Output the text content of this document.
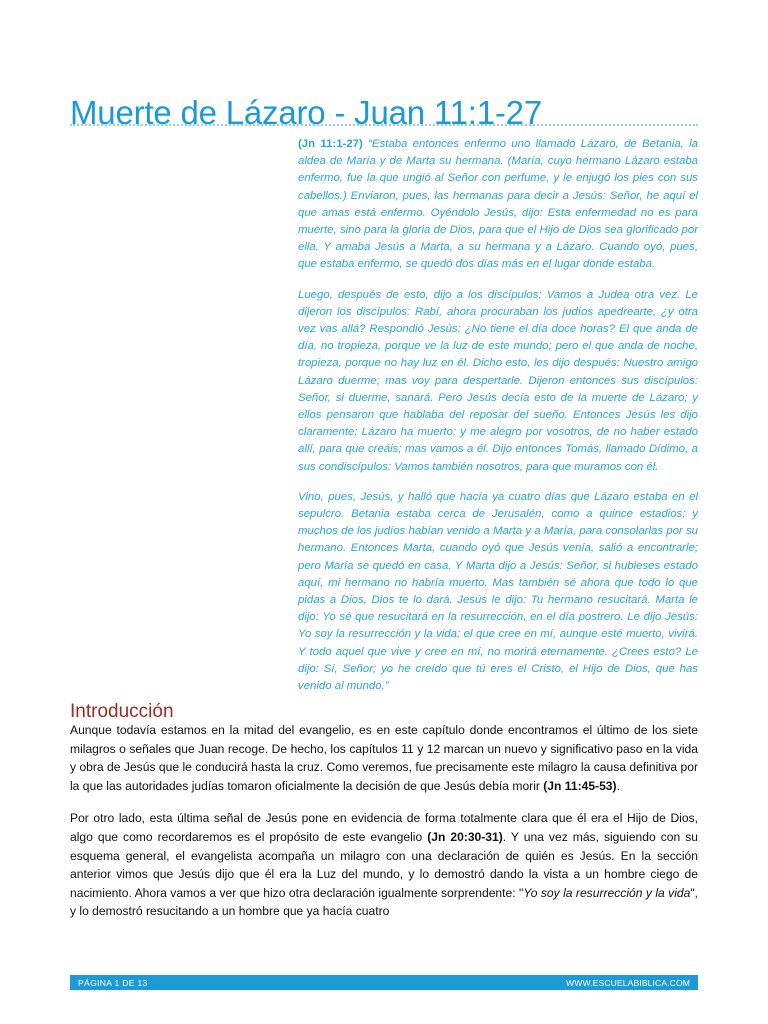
Muerte de Lázaro - Juan 11:1-27

(Jn 11:1-27) “Estaba entonces enfermo uno llamado Lázaro, de Betania, la aldea de María y de Marta su hermana. (María, cuyo hermano Lázaro estaba enfermo, fue la que ungió al Señor con perfume, y le enjugó los pies con sus cabellos.) Enviaron, pues, las hermanas para decir a Jesús: Señor, he aquí el que amas está enfermo. Oyéndolo Jesús, dijo: Esta enfermedad no es para muerte, sino para la gloria de Dios, para que el Hijo de Dios sea glorificado por ella. Y amaba Jesús a Marta, a su hermana y a Lázaro. Cuando oyó, pues, que estaba enfermo, se quedó dos días más en el lugar donde estaba.

Luego, después de esto, dijo a los discípulos: Vamos a Judea otra vez. Le dijeron los discípulos: Rabí, ahora procuraban los judíos apedrearte, ¿y otra vez vas allá? Respondió Jesús: ¿No tiene el día doce horas? El que anda de día, no tropieza, porque ve la luz de este mundo; pero el que anda de noche, tropieza, porque no hay luz en él. Dicho esto, les dijo después: Nuestro amigo Lázaro duerme; mas voy para despertarle. Dijeron entonces sus discípulos: Señor, si duerme, sanará. Pero Jesús decía esto de la muerte de Lázaro; y ellos pensaron que hablaba del reposar del sueño. Entonces Jesús les dijo claramente: Lázaro ha muerto; y me alegro por vosotros, de no haber estado allí, para que creáis; mas vamos a él. Dijo entonces Tomás, llamado Dídimo, a sus condiscípulos: Vamos también nosotros, para que muramos con él.

Vino, pues, Jesús, y halló que hacía ya cuatro días que Lázaro estaba en el sepulcro. Betania estaba cerca de Jerusalén, como a quince estadios; y muchos de los judíos habían venido a Marta y a María, para consolarlas por su hermano. Entonces Marta, cuando oyó que Jesús venía, salió a encontrarle; pero María se quedó en casa. Y Marta dijo a Jesús: Señor, si hubieses estado aquí, mi hermano no habría muerto. Mas también sé ahora que todo lo que pidas a Dios, Dios te lo dará. Jesús le dijo: Tu hermano resucitará. Marta le dijo: Yo sé que resucitará en la resurrección, en el día postrero. Le dijo Jesús: Yo soy la resurrección y la vida; el que cree en mí, aunque esté muerto, vivirá. Y todo aquel que vive y cree en mí, no morirá eternamente. ¿Crees esto? Le dijo: Sí, Señor; yo he creído que tú eres el Cristo, el Hijo de Dios, que has venido al mundo.”

Introducción

Aunque todavía estamos en la mitad del evangelio, es en este capítulo donde encontramos el último de los siete milagros o señales que Juan recoge. De hecho, los capítulos 11 y 12 marcan un nuevo y significativo paso en la vida y obra de Jesús que le conducirá hasta la cruz. Como veremos, fue precisamente este milagro la causa definitiva por la que las autoridades judías tomaron oficialmente la decisión de que Jesús debía morir (Jn 11:45-53).

Por otro lado, esta última señal de Jesús pone en evidencia de forma totalmente clara que él era el Hijo de Dios, algo que como recordaremos es el propósito de este evangelio (Jn 20:30-31). Y una vez más, siguiendo con su esquema general, el evangelista acompaña un milagro con una declaración de quién es Jesús. En la sección anterior vimos que Jesús dijo que él era la Luz del mundo, y lo demostró dando la vista a un hombre ciego de nacimiento. Ahora vamos a ver que hizo otra declaración igualmente sorprendente: "Yo soy la resurrección y la vida", y lo demostró resucitando a un hombre que ya hacía cuatro

PÁGINA 1 DE 13	WWW.ESCUELABIBLICA.COM
